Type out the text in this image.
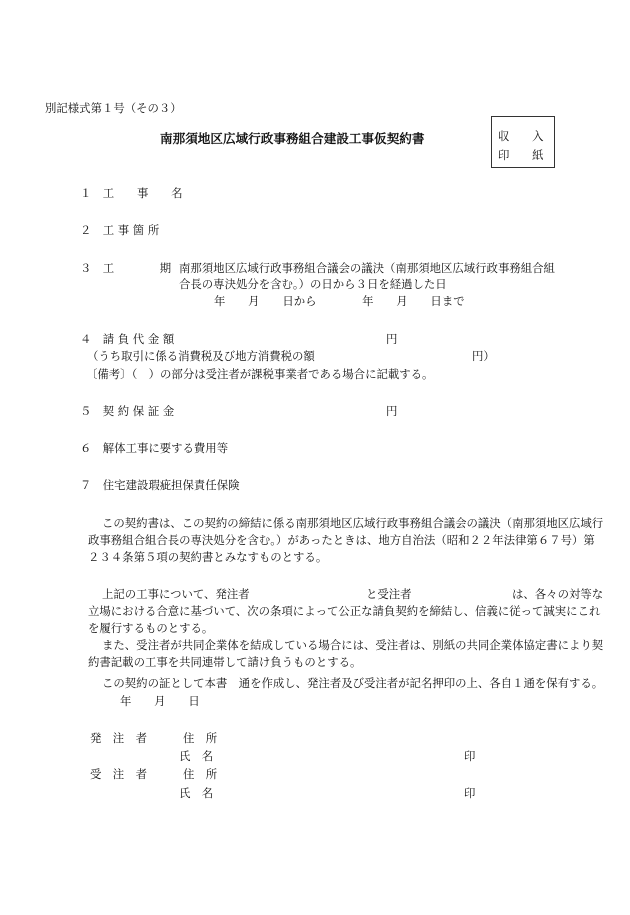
別記様式第１号（その３）
南那須地区広域行政事務組合建設工事仮契約書	収　　入
印　　紙
１　工　　事　　名
２　工 事 箇 所
３　工　　　　期 南那須地区広域行政事務組合議会の議決（南那須地区広域行政事務組合組
合長の専決処分を含む。）の日から３日を経過した日
年　　月　　日から　　　　年　　月　　日まで
４　請 負 代 金 額	円
（うち取引に係る消費税及び地方消費税の額	円）
〔備考〕（　）の部分は受注者が課税事業者である場合に記載する。
５　契 約 保 証 金	円
６　解体工事に要する費用等
７　住宅建設瑕疵担保責任保険
この契約書は、この契約の締結に係る南那須地区広域行政事務組合議会の議決（南那須地区広域行
政事務組合組合長の専決処分を含む。）があったときは、地方自治法（昭和２２年法律第６７号）第
２３４条第５項の契約書とみなすものとする。
上記の工事について、発注者	と受注者	は、各々の対等な
立場における合意に基づいて、次の条項によって公正な請負契約を締結し、信義に従って誠実にこれ
を履行するものとする。
また、受注者が共同企業体を結成している場合には、受注者は、別紙の共同企業体協定書により契
約書記載の工事を共同連帯して請け負うものとする。
この契約の証として本書　通を作成し、発注者及び受注者が記名押印の上、各自１通を保有する。
年　　月　　日
発　注　者	住　所
氏　名	印
受　注　者	住　所
氏　名	印
